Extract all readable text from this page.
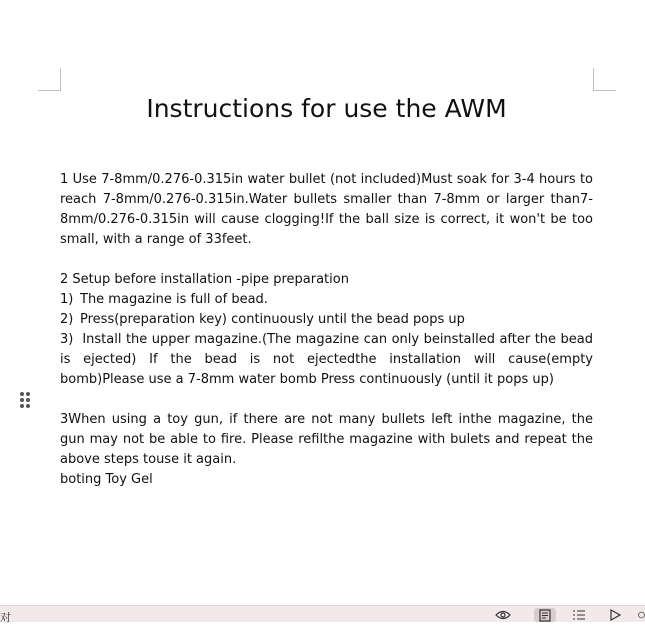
Instructions for use the AWM

1 Use 7-8mm/0.276-0.315in water bullet (not included)Must soak for 3-4 hours to reach 7-8mm/0.276-0.315in.Water bullets smaller than 7-8mm or larger than7-8mm/0.276-0.315in will cause clogging!If the ball size is correct, it won't be too small, with a range of 33feet.

2 Setup before installation -pipe preparation

1) The magazine is full of bead.
2) Press(preparation key) continuously until the bead pops up

3) Install the upper magazine.(The magazine can only beinstalled after the bead is ejected) If the bead is not ejectedthe installation will cause(empty bomb)Please use a 7-8mm water bomb Press continuously (until it pops up)

3When using a toy gun, if there are not many bullets left inthe magazine, the gun may not be able to fire. Please refilthe magazine with bulets and repeat the above steps touse it again.

boting Toy Gel

对
